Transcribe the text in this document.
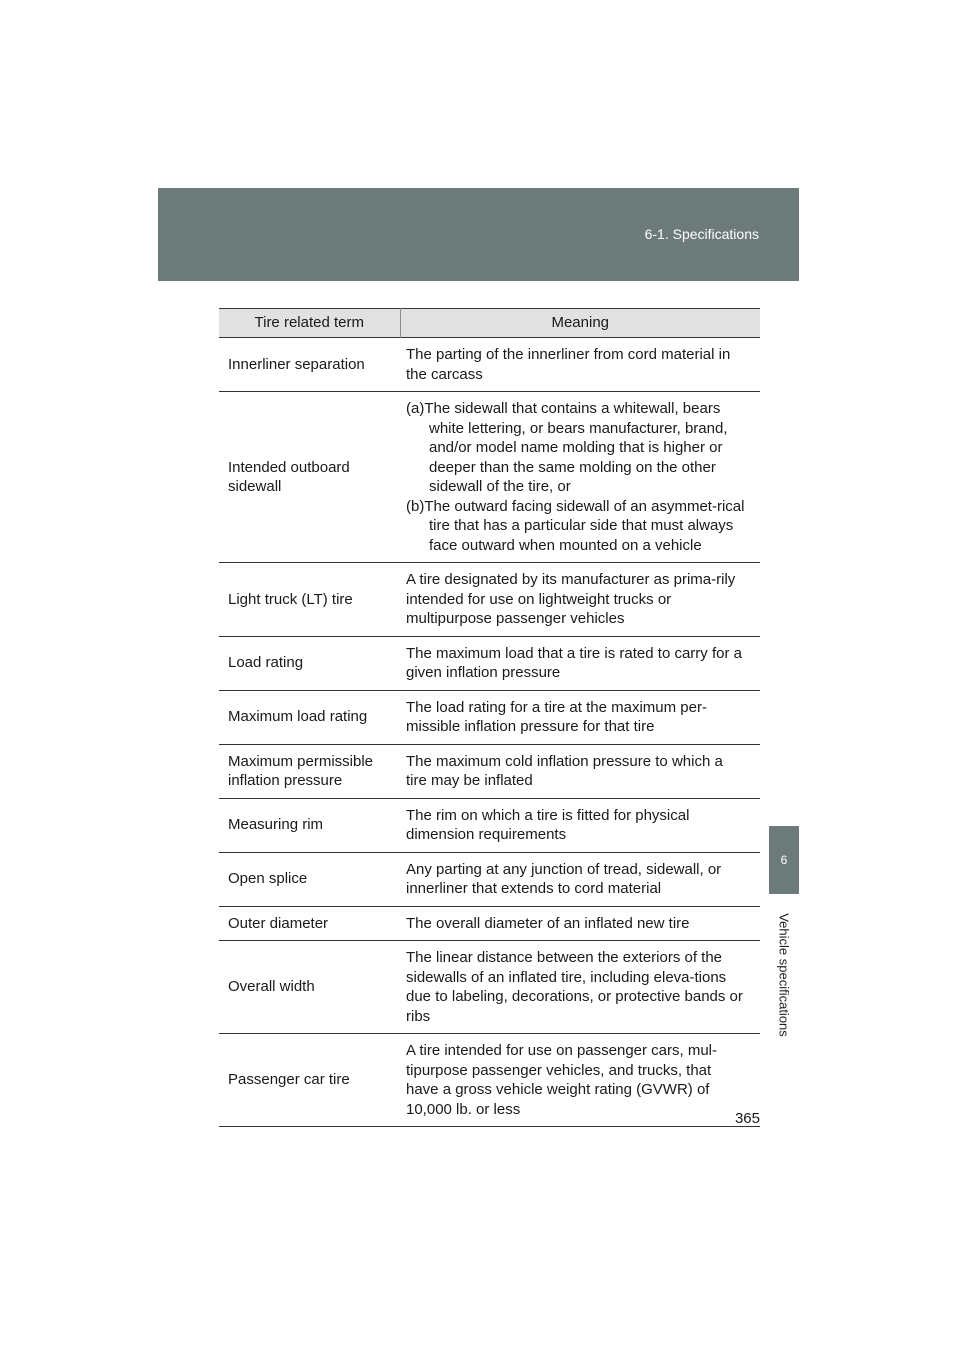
6-1. Specifications
6
Vehicle specifications
Tire related term	Meaning
Innerliner separation	The parting of the innerliner from cord material in the carcass
Intended outboard sidewall	(a)The sidewall that contains a whitewall, bears white lettering, or bears manufacturer, brand, and/or model name molding that is higher or deeper than the same molding on the other sidewall of the tire, or
(b)The outward facing sidewall of an asymmet-rical tire that has a particular side that must always face outward when mounted on a vehicle

Light truck (LT) tire	A tire designated by its manufacturer as prima-rily intended for use on lightweight trucks or multipurpose passenger vehicles
Load rating	The maximum load that a tire is rated to carry for a given inflation pressure
Maximum load rating	The load rating for a tire at the maximum per-missible inflation pressure for that tire
Maximum permissible inflation pressure	The maximum cold inflation pressure to which a tire may be inflated
Measuring rim	The rim on which a tire is fitted for physical dimension requirements
Open splice	Any parting at any junction of tread, sidewall, or innerliner that extends to cord material
Outer diameter	The overall diameter of an inflated new tire
Overall width	The linear distance between the exteriors of the sidewalls of an inflated tire, including eleva-tions due to labeling, decorations, or protective bands or ribs
Passenger car tire	A tire intended for use on passenger cars, mul-tipurpose passenger vehicles, and trucks, that have a gross vehicle weight rating (GVWR) of 10,000 lb. or less
365
